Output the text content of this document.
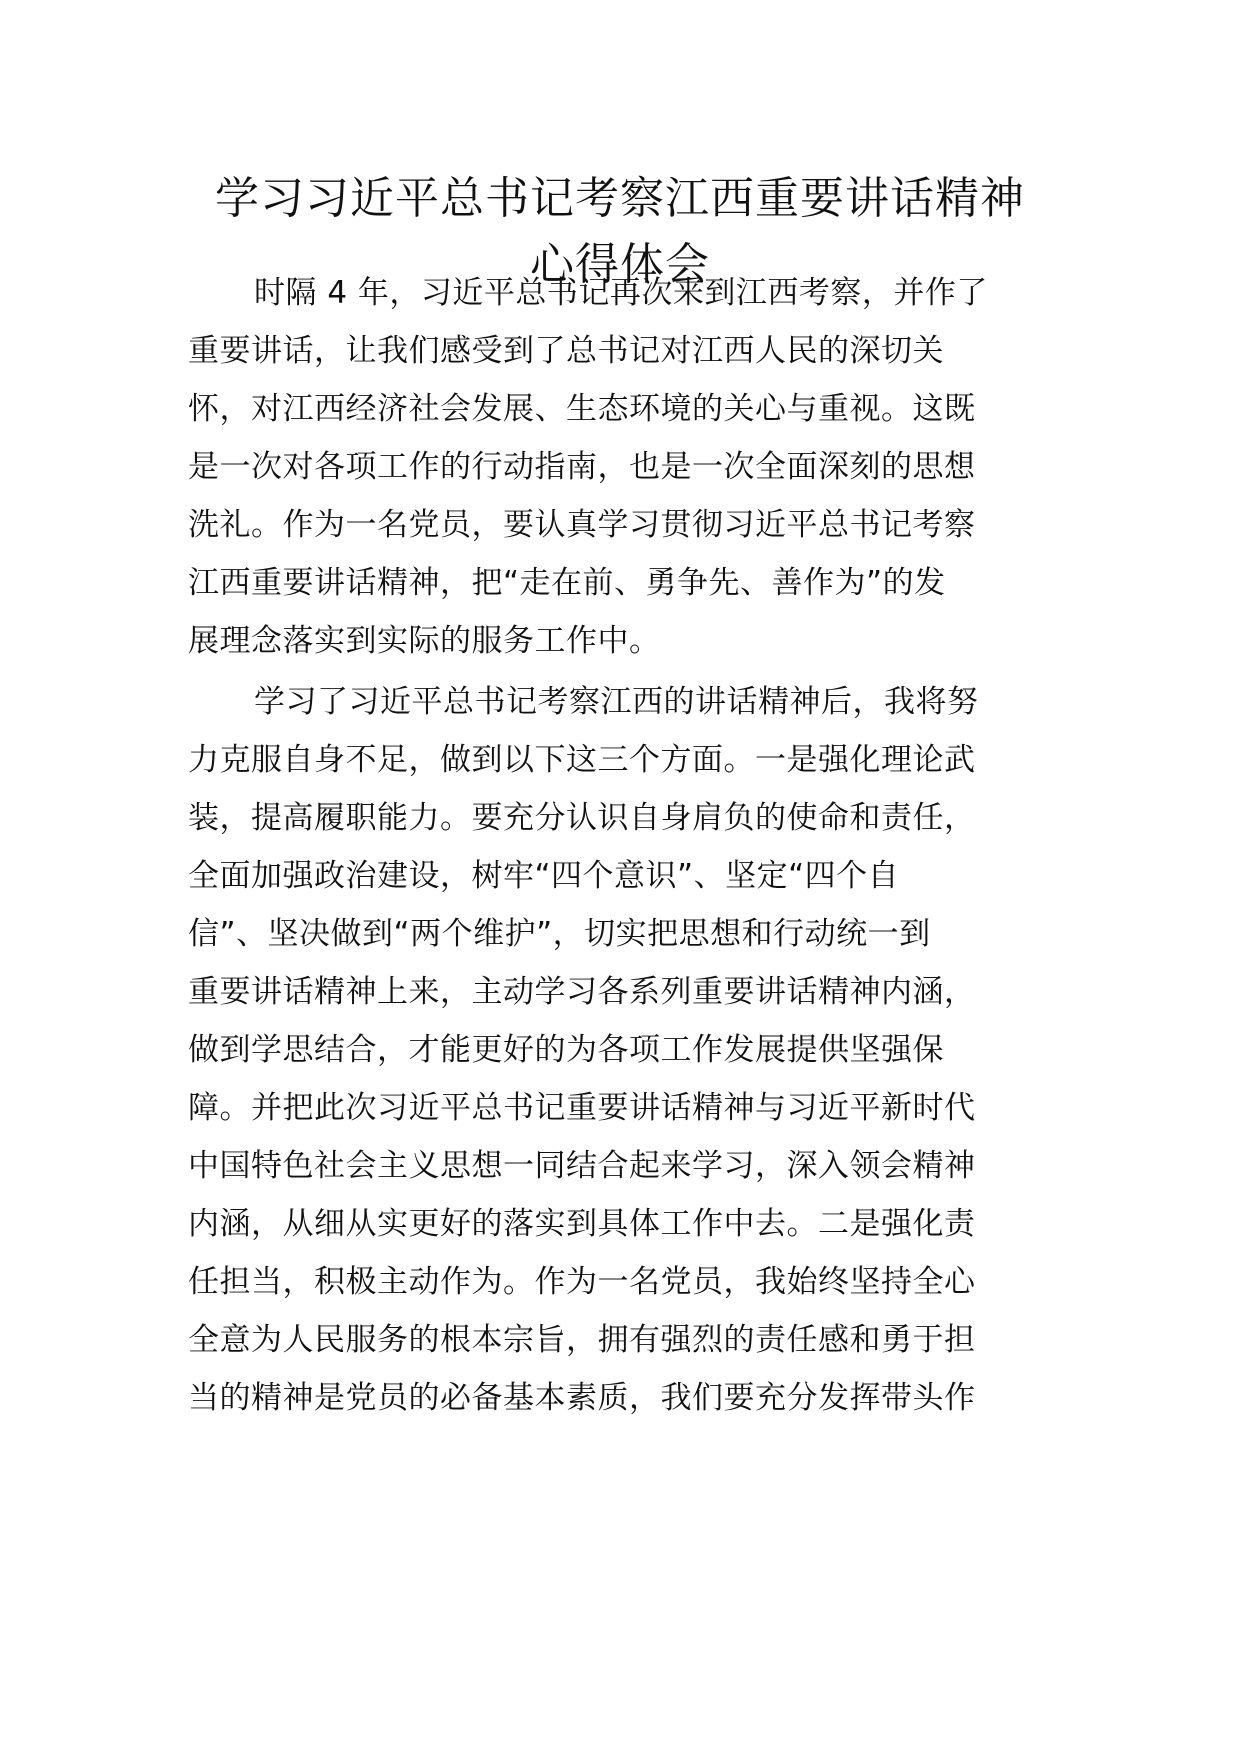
学习习近平总书记考察江西重要讲话精神
心得体会
时隔 4 年，习近平总书记再次来到江西考察，并作了
重要讲话，让我们感受到了总书记对江西人民的深切关
怀，对江西经济社会发展、生态环境的关心与重视。这既
是一次对各项工作的行动指南，也是一次全面深刻的思想
洗礼。作为一名党员，要认真学习贯彻习近平总书记考察
江西重要讲话精神，把“走在前、勇争先、善作为”的发
展理念落实到实际的服务工作中。
学习了习近平总书记考察江西的讲话精神后，我将努
力克服自身不足，做到以下这三个方面。一是强化理论武
装，提高履职能力。要充分认识自身肩负的使命和责任，
全面加强政治建设，树牢“四个意识”、坚定“四个自
信”、坚决做到“两个维护”，切实把思想和行动统一到
重要讲话精神上来，主动学习各系列重要讲话精神内涵，
做到学思结合，才能更好的为各项工作发展提供坚强保
障。并把此次习近平总书记重要讲话精神与习近平新时代
中国特色社会主义思想一同结合起来学习，深入领会精神
内涵，从细从实更好的落实到具体工作中去。二是强化责
任担当，积极主动作为。作为一名党员，我始终坚持全心
全意为人民服务的根本宗旨，拥有强烈的责任感和勇于担
当的精神是党员的必备基本素质，我们要充分发挥带头作
